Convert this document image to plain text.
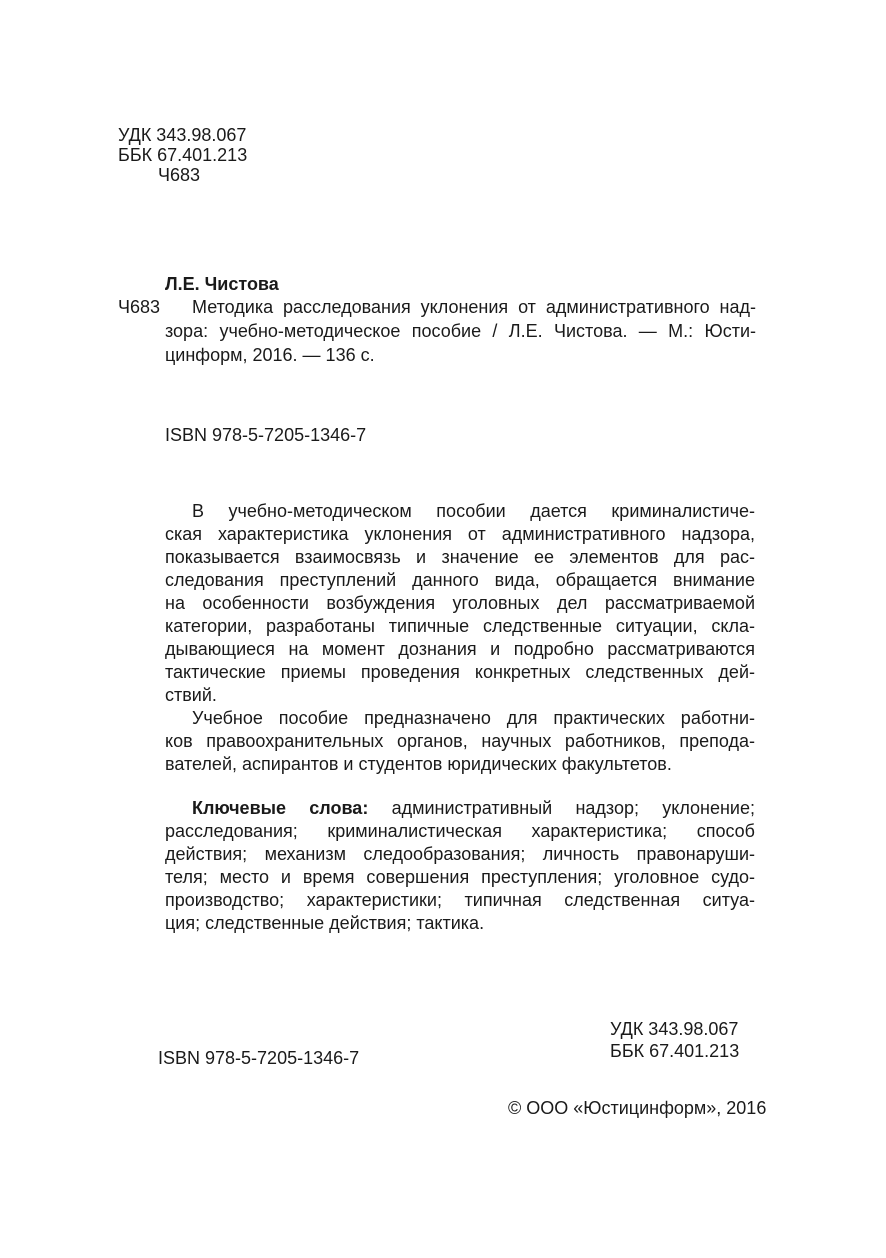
УДК 343.98.067
ББК 67.401.213
Ч683
Л.Е. Чистова
Ч683 Методика расследования уклонения от административного над-
зора: учебно-методическое пособие / Л.Е. Чистова. — М.: Юсти-
цинформ, 2016. — 136 с.
ISBN 978-5-7205-1346-7
В учебно-методическом пособии дается криминалистиче-
ская характеристика уклонения от административного надзора,
показывается взаимосвязь и значение ее элементов для рас-
следования преступлений данного вида, обращается внимание
на особенности возбуждения уголовных дел рассматриваемой
категории, разработаны типичные следственные ситуации, скла-
дывающиеся на момент дознания и подробно рассматриваются
тактические приемы проведения конкретных следственных дей-
ствий.
Учебное пособие предназначено для практических работни-
ков правоохранительных органов, научных работников, препода-
вателей, аспирантов и студентов юридических факультетов.
Ключевые слова: административный надзор; уклонение;
расследования; криминалистическая характеристика; способ
действия; механизм следообразования; личность правонаруши-
теля; место и время совершения преступления; уголовное судо-
производство; характеристики; типичная следственная ситуа-
ция; следственные действия; тактика.
УДК 343.98.067
ББК 67.401.213
ISBN 978-5-7205-1346-7
© ООО «Юстицинформ», 2016
